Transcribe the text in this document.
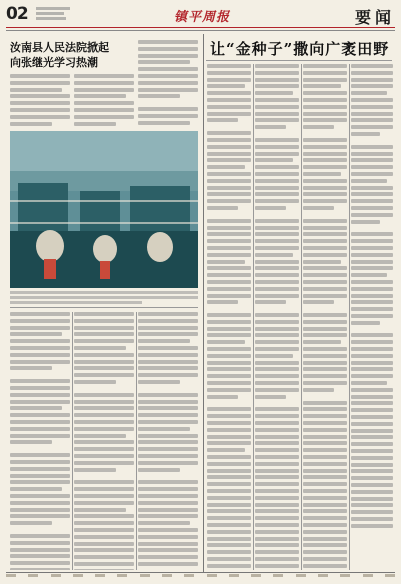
02	镇平周报	要闻
汝南县人民法院掀起
向张继光学习热潮
让“金种子”撒向广袤田野
